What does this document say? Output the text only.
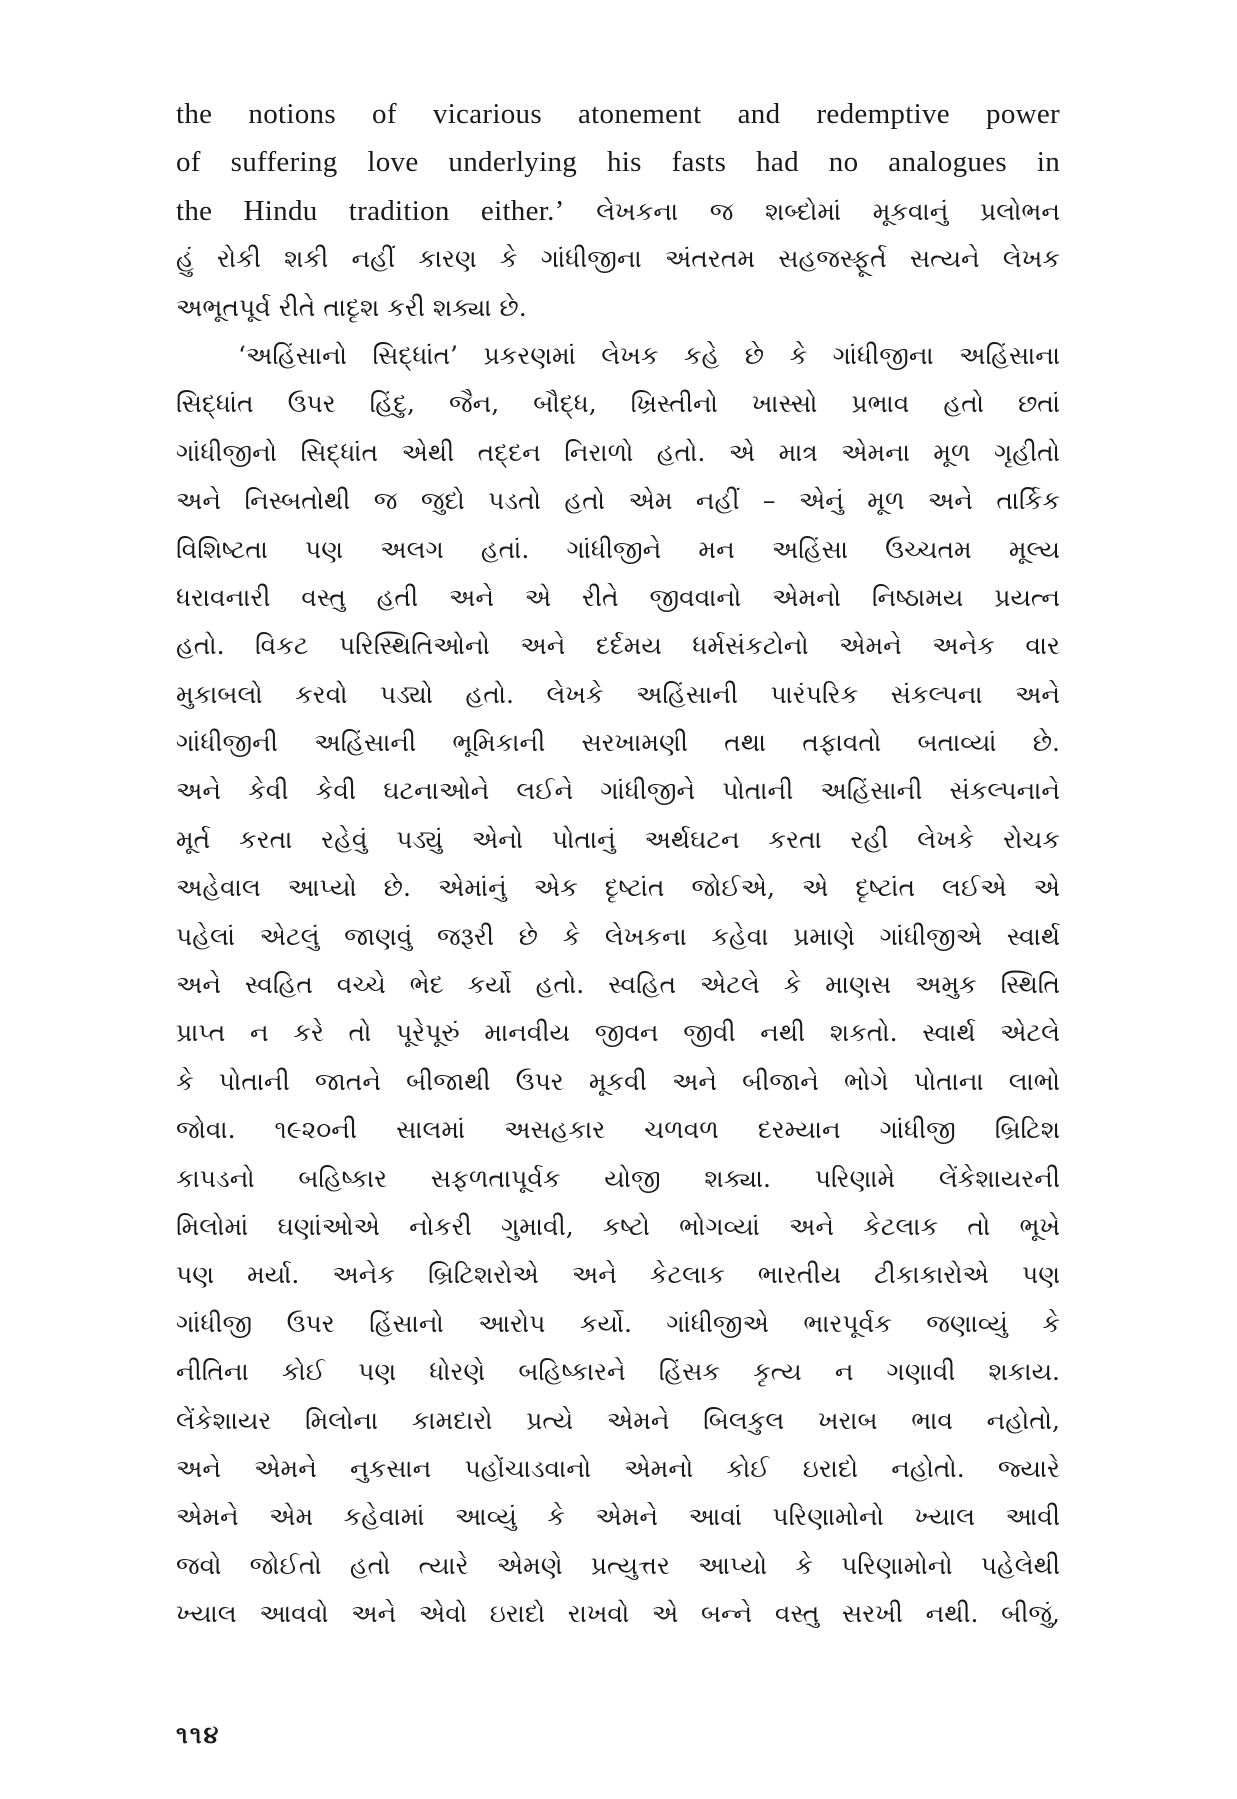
the notions of vicarious atonement and redemptive power
of suffering love underlying his fasts had no analogues in
the Hindu tradition either.’ લેખકના જ શબ્દોમાં મૂકવાનું પ્રલોભન
હું રોકી શકી નહીં કારણ કે ગાંધીજીના અંતરતમ સહજસ્ફૂર્ત સત્યને લેખક
અભૂતપૂર્વ રીતે તાદૃશ કરી શક્યા છે.
‘અહિંસાનો સિદ્ધાંત’ પ્રકરણમાં લેખક કહે છે કે ગાંધીજીના અહિંસાના
સિદ્ધાંત ઉપર હિંદુ, જૈન, બૌદ્ધ, ખ્રિસ્તીનો ખાસ્સો પ્રભાવ હતો છતાં
ગાંધીજીનો સિદ્ધાંત એથી તદ્દન નિરાળો હતો. એ માત્ર એમના મૂળ ગૃહીતો
અને નિસ્બતોથી જ જુદો પડતો હતો એમ નહીં – એનું મૂળ અને તાર્કિક
વિશિષ્ટતા પણ અલગ હતાં. ગાંધીજીને મન અહિંસા ઉચ્ચતમ મૂલ્ય
ધરાવનારી વસ્તુ હતી અને એ રીતે જીવવાનો એમનો નિષ્ઠામય પ્રયત્ન
હતો. વિકટ પરિસ્થિતિઓનો અને દર્દમય ધર્મસંકટોનો એમને અનેક વાર
મુકાબલો કરવો પડ્યો હતો. લેખકે અહિંસાની પારંપરિક સંકલ્પના અને
ગાંધીજીની અહિંસાની ભૂમિકાની સરખામણી તથા તફાવતો બતાવ્યાં છે.
અને કેવી કેવી ઘટનાઓને લઈને ગાંધીજીને પોતાની અહિંસાની સંકલ્પનાને
મૂર્ત કરતા રહેવું પડ્યું એનો પોતાનું અર્થઘટન કરતા રહી લેખકે રોચક
અહેવાલ આપ્યો છે. એમાંનું એક દૃષ્ટાંત જોઈએ, એ દૃષ્ટાંત લઈએ એ
પહેલાં એટલું જાણવું જરૂરી છે કે લેખકના કહેવા પ્રમાણે ગાંધીજીએ સ્વાર્થ
અને સ્વહિત વચ્ચે ભેદ કર્યો હતો. સ્વહિત એટલે કે માણસ અમુક સ્થિતિ
પ્રાપ્ત ન કરે તો પૂરેપૂરું માનવીય જીવન જીવી નથી શકતો. સ્વાર્થ એટલે
કે પોતાની જાતને બીજાથી ઉપર મૂકવી અને બીજાને ભોગે પોતાના લાભો
જોવા. ૧૯૨૦ની સાલમાં અસહકાર ચળવળ દરમ્યાન ગાંધીજી બ્રિટિશ
કાપડનો બહિષ્કાર સફળતાપૂર્વક યોજી શક્યા. પરિણામે લેંકેશાયરની
મિલોમાં ઘણાંઓએ નોકરી ગુમાવી, કષ્ટો ભોગવ્યાં અને કેટલાક તો ભૂખે
પણ મર્યા. અનેક બ્રિટિશરોએ અને કેટલાક ભારતીય ટીકાકારોએ પણ
ગાંધીજી ઉપર હિંસાનો આરોપ કર્યો. ગાંધીજીએ ભારપૂર્વક જણાવ્યું કે
નીતિના કોઈ પણ ધોરણે બહિષ્કારને હિંસક કૃત્ય ન ગણાવી શકાય.
લેંકેશાયર મિલોના કામદારો પ્રત્યે એમને બિલકુલ ખરાબ ભાવ નહોતો,
અને એમને નુકસાન પહોંચાડવાનો એમનો કોઈ ઇરાદો નહોતો. જ્યારે
એમને એમ કહેવામાં આવ્યું કે એમને આવાં પરિણામોનો ખ્યાલ આવી
જવો જોઈતો હતો ત્યારે એમણે પ્રત્યુત્તર આપ્યો કે પરિણામોનો પહેલેથી
ખ્યાલ આવવો અને એવો ઇરાદો રાખવો એ બન્ને વસ્તુ સરખી નથી. બીજું,
૧૧૪
